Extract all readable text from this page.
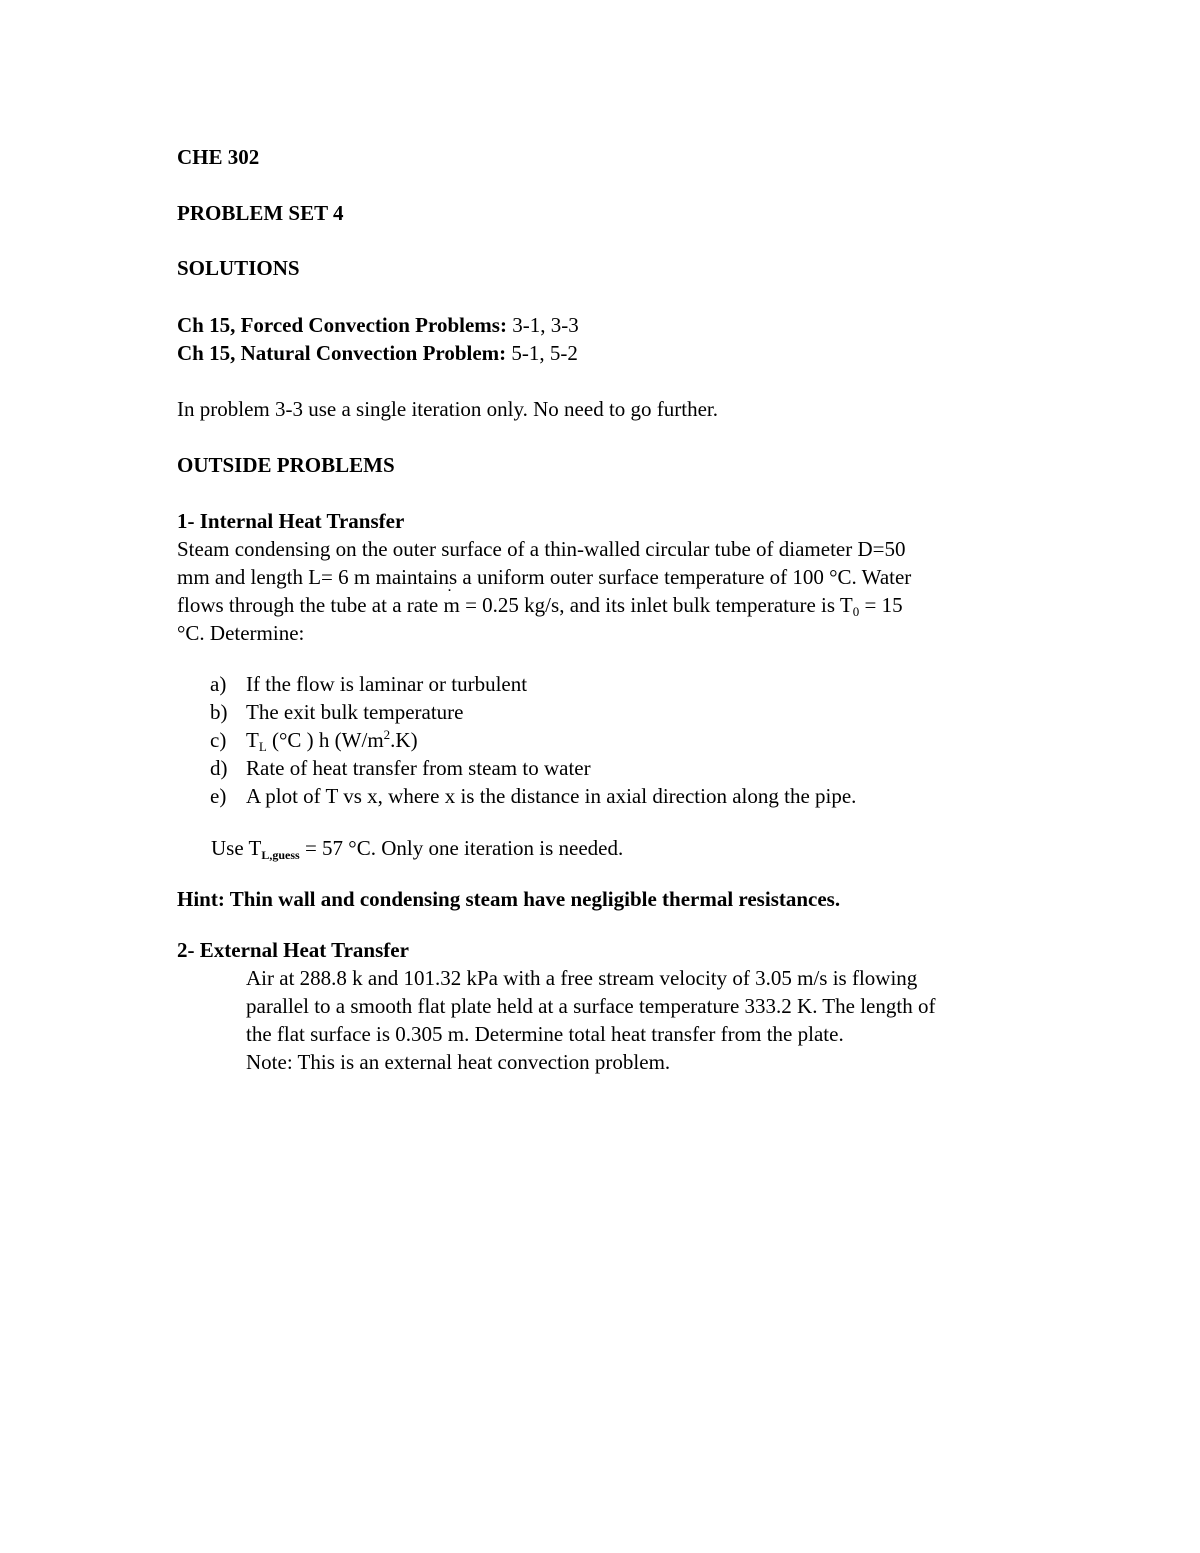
CHE 302
PROBLEM SET 4
SOLUTIONS
Ch 15, Forced Convection Problems: 3-1, 3-3
Ch 15, Natural Convection Problem: 5-1, 5-2
In problem 3-3 use a single iteration only. No need to go further.
OUTSIDE PROBLEMS
1- Internal Heat Transfer
Steam condensing on the outer surface of a thin-walled circular tube of diameter D=50
mm and length L= 6 m maintains a uniform outer surface temperature of 100 °C. Water
flows through the tube at a rate ˙ m = 0.25 kg/s, and its inlet bulk temperature is $T_0 = 15$
°C. Determine:
a) If the flow is laminar or turbulent
b) The exit bulk temperature
c) $T_L$ (°C ) h $(W/m^2.K)$
d) Rate of heat transfer from steam to water
e) A plot of T vs x, where x is the distance in axial direction along the pipe.
Use $T_{L,guess} = 57$ °C. Only one iteration is needed.
Hint: Thin wall and condensing steam have negligible thermal resistances.
2- External Heat Transfer
Air at 288.8 k and 101.32 kPa with a free stream velocity of 3.05 m/s is flowing
parallel to a smooth flat plate held at a surface temperature 333.2 K. The length of
the flat surface is 0.305 m. Determine total heat transfer from the plate.
Note: This is an external heat convection problem.
